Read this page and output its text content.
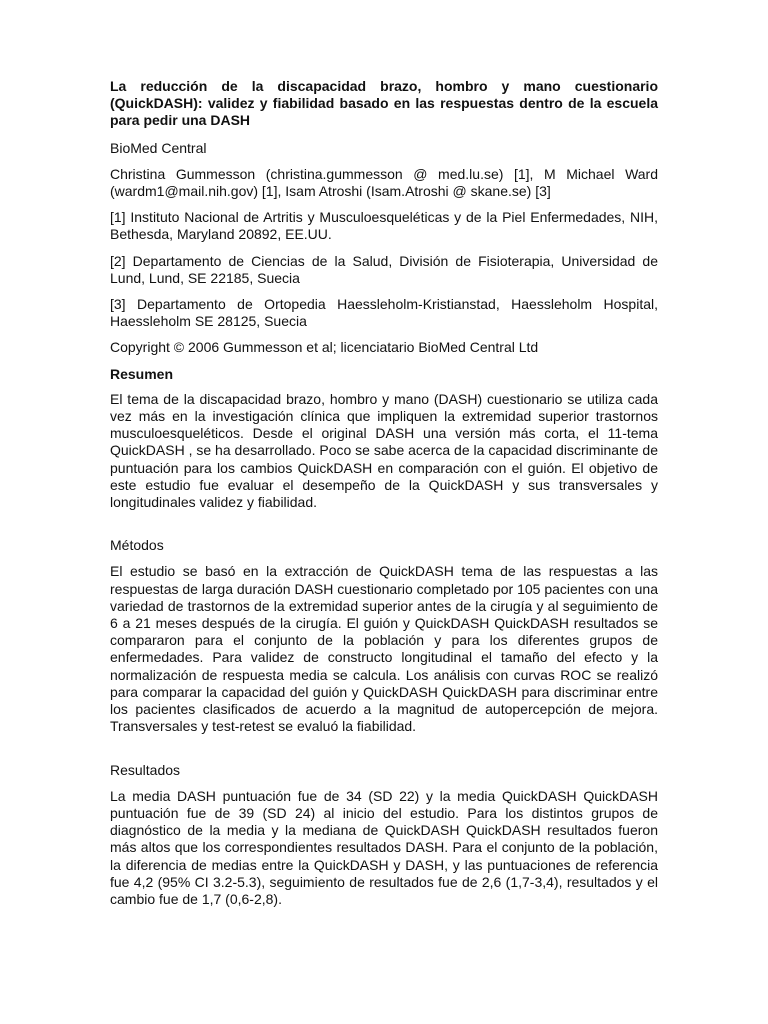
La reducción de la discapacidad brazo, hombro y mano cuestionario (QuickDASH): validez y fiabilidad basado en las respuestas dentro de la escuela para pedir una DASH

BioMed Central

Christina Gummesson (christina.gummesson @ med.lu.se) [1], M Michael Ward (wardm1@mail.nih.gov) [1], Isam Atroshi (Isam.Atroshi @ skane.se) [3]

[1] Instituto Nacional de Artritis y Musculoesqueléticas y de la Piel Enfermedades, NIH, Bethesda, Maryland 20892, EE.UU.

[2] Departamento de Ciencias de la Salud, División de Fisioterapia, Universidad de Lund, Lund, SE 22185, Suecia

[3] Departamento de Ortopedia Haessleholm-Kristianstad, Haessleholm Hospital, Haessleholm SE 28125, Suecia

Copyright © 2006 Gummesson et al; licenciatario BioMed Central Ltd

Resumen

El tema de la discapacidad brazo, hombro y mano (DASH) cuestionario se utiliza cada vez más en la investigación clínica que impliquen la extremidad superior trastornos musculoesqueléticos. Desde el original DASH una versión más corta, el 11-tema QuickDASH , se ha desarrollado. Poco se sabe acerca de la capacidad discriminante de puntuación para los cambios QuickDASH en comparación con el guión. El objetivo de este estudio fue evaluar el desempeño de la QuickDASH y sus transversales y longitudinales validez y fiabilidad.

Métodos

El estudio se basó en la extracción de QuickDASH tema de las respuestas a las respuestas de larga duración DASH cuestionario completado por 105 pacientes con una variedad de trastornos de la extremidad superior antes de la cirugía y al seguimiento de 6 a 21 meses después de la cirugía. El guión y QuickDASH QuickDASH resultados se compararon para el conjunto de la población y para los diferentes grupos de enfermedades. Para validez de constructo longitudinal el tamaño del efecto y la normalización de respuesta media se calcula. Los análisis con curvas ROC se realizó para comparar la capacidad del guión y QuickDASH QuickDASH para discriminar entre los pacientes clasificados de acuerdo a la magnitud de autopercepción de mejora. Transversales y test-retest se evaluó la fiabilidad.

Resultados

La media DASH puntuación fue de 34 (SD 22) y la media QuickDASH QuickDASH puntuación fue de 39 (SD 24) al inicio del estudio. Para los distintos grupos de diagnóstico de la media y la mediana de QuickDASH QuickDASH resultados fueron más altos que los correspondientes resultados DASH. Para el conjunto de la población, la diferencia de medias entre la QuickDASH y DASH, y las puntuaciones de referencia fue 4,2 (95% CI 3.2-5.3), seguimiento de resultados fue de 2,6 (1,7-3,4), resultados y el cambio fue de 1,7 (0,6-2,8).
